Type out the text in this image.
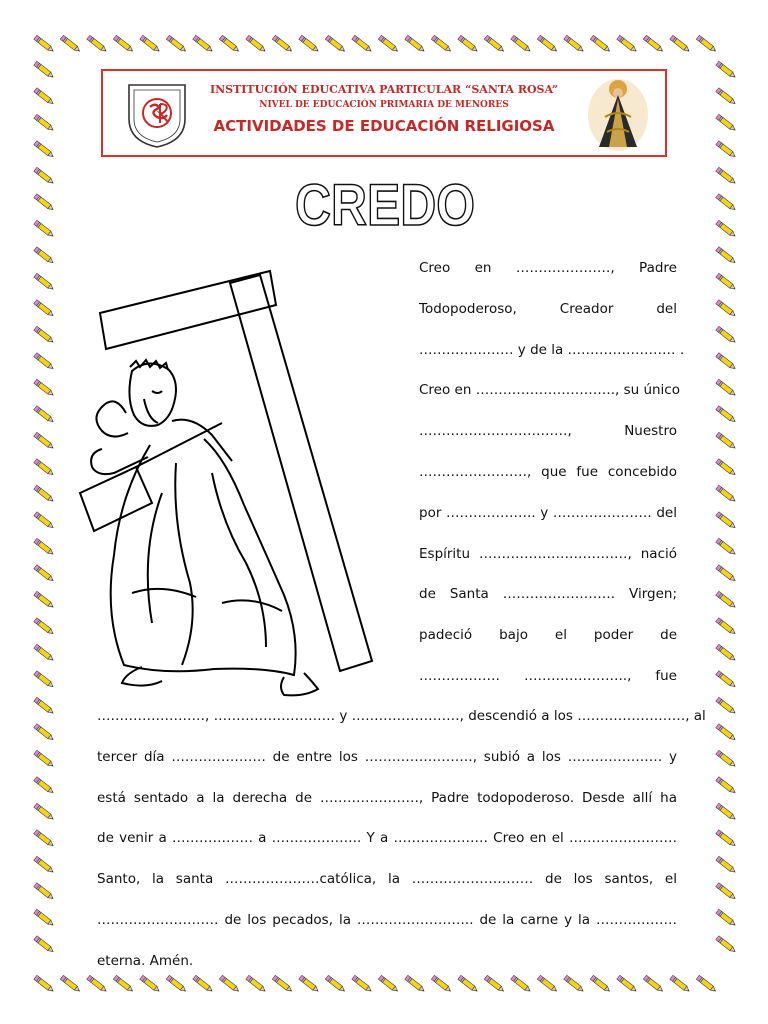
INSTITUCIÓN EDUCATIVA PARTICULAR “SANTA ROSA”
NIVEL DE EDUCACIÓN PRIMARIA DE MENORES
ACTIVIDADES DE EDUCACIÓN RELIGIOSA
CREDO
Creo en …………………, Padre
Todopoderoso, Creador del
………………… y de la …………………… .
Creo en …………………………., su único
……………………………, Nuestro
……………………, que fue concebido
por ……………….. y …………………. del
Espíritu ……………………………, nació
de Santa ……………………. Virgen;
padeció bajo el poder de
……………… ………………….., fue
……………………, ……………………… y ……………………, descendió a los ……………………, al
tercer día ………………… de entre los ……………………, subió a los ………………… y
está sentado a la derecha de …………………., Padre todopoderoso. Desde allí ha
de venir a ……………… a ……………….. Y a ………………… Creo en el ……………………
Santo, la santa …………………católica, la ……………………… de los santos, el
……………………… de los pecados, la …………………….. de la carne y la ………………
eterna. Amén.
